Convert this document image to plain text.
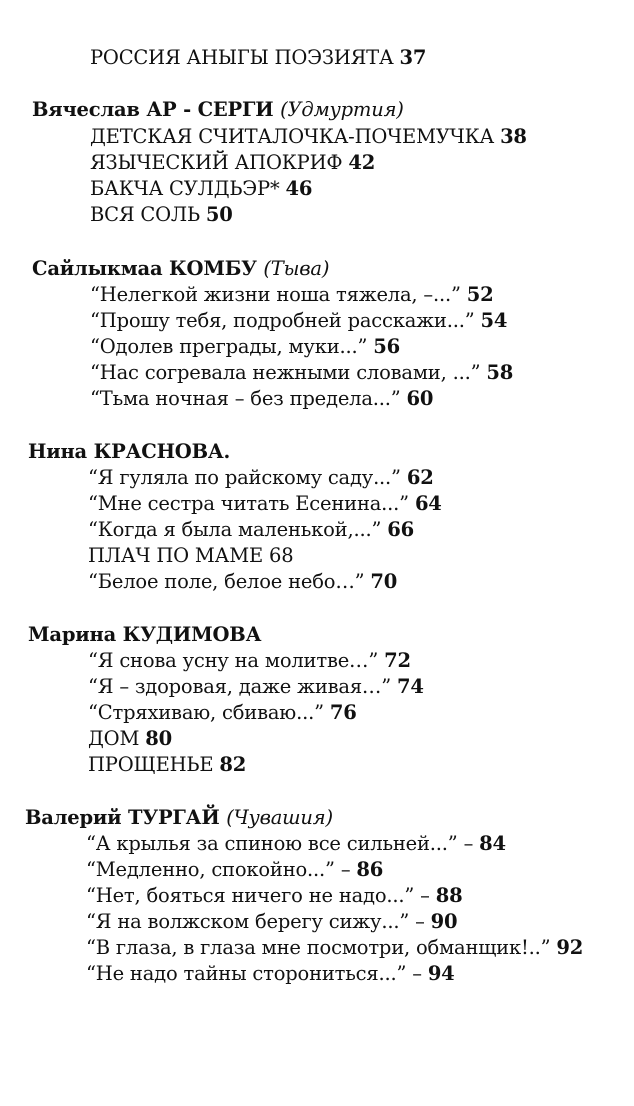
РОССИЯ АНЫГЫ ПОЭЗИЯТА 37
Вячеслав АР - СЕРГИ (Удмуртия)
ДЕТСКАЯ СЧИТАЛОЧКА-ПОЧЕМУЧКА 38
ЯЗЫЧЕСКИЙ АПОКРИФ 42
БАКЧА СУЛДЬЭР* 46
ВСЯ СОЛЬ 50
Сайлыкмаа КОМБУ (Тыва)
“Нелегкой жизни ноша тяжела, –...” 52
“Прошу тебя, подробней расскажи...” 54
“Одолев преграды, муки...” 56
“Нас согревала нежными словами, ...” 58
“Тьма ночная – без предела...” 60
Нина КРАСНОВА.
“Я гуляла по райскому саду...” 62
“Мне сестра читать Есенина...” 64
“Когда я была маленькой,...” 66
ПЛАЧ ПО МАМЕ 68
“Белое поле, белое небо…” 70
Марина КУДИМОВА
“Я снова усну на молитве…” 72
“Я – здоровая, даже живая…” 74
“Стряхиваю, сбиваю...” 76
ДОМ 80
ПРОЩЕНЬЕ 82
Валерий ТУРГАЙ (Чувашия)
“А крылья за спиною все сильней...” – 84
“Медленно, спокойно...” – 86
“Нет, бояться ничего не надо...” – 88
“Я на волжском берегу сижу...” – 90
“В глаза, в глаза мне посмотри, обманщик!..” 92
“Не надо тайны сторониться...” – 94
